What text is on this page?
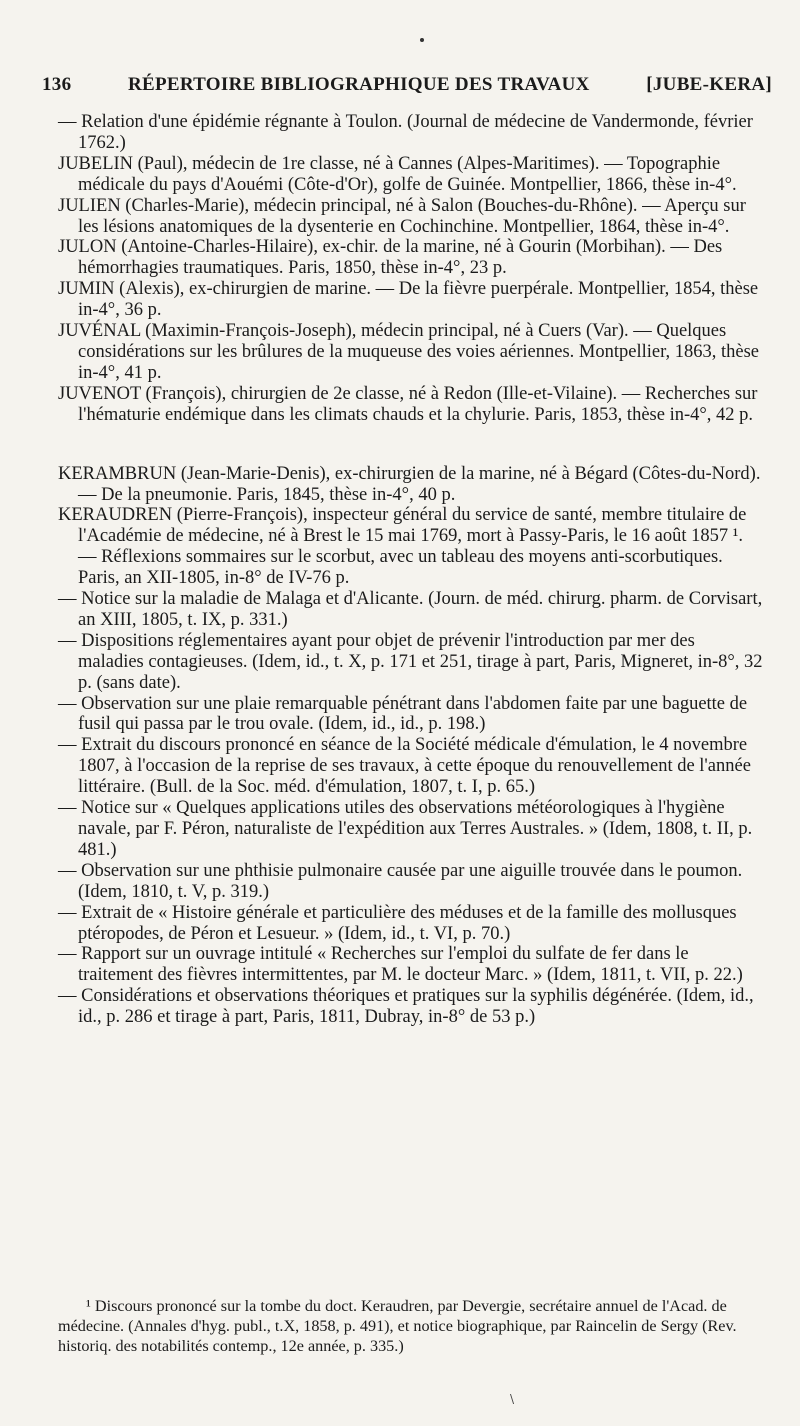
136	RÉPERTOIRE BIBLIOGRAPHIQUE DES TRAVAUX	[JUBE-KERA]

— Relation d'une épidémie régnante à Toulon. (Journal de médecine de Vandermonde, février 1762.)

JUBELIN (Paul), médecin de 1re classe, né à Cannes (Alpes-Maritimes). — Topographie médicale du pays d'Aouémi (Côte-d'Or), golfe de Guinée. Montpellier, 1866, thèse in-4°.

JULIEN (Charles-Marie), médecin principal, né à Salon (Bouches-du-Rhône). — Aperçu sur les lésions anatomiques de la dysenterie en Cochinchine. Montpellier, 1864, thèse in-4°.

JULON (Antoine-Charles-Hilaire), ex-chir. de la marine, né à Gourin (Morbihan). — Des hémorrhagies traumatiques. Paris, 1850, thèse in-4°, 23 p.

JUMIN (Alexis), ex-chirurgien de marine. — De la fièvre puerpérale. Montpellier, 1854, thèse in-4°, 36 p.

JUVÉNAL (Maximin-François-Joseph), médecin principal, né à Cuers (Var). — Quelques considérations sur les brûlures de la muqueuse des voies aériennes. Montpellier, 1863, thèse in-4°, 41 p.

JUVENOT (François), chirurgien de 2e classe, né à Redon (Ille-et-Vilaine). — Recherches sur l'hématurie endémique dans les climats chauds et la chylurie. Paris, 1853, thèse in-4°, 42 p.

KERAMBRUN (Jean-Marie-Denis), ex-chirurgien de la marine, né à Bégard (Côtes-du-Nord). — De la pneumonie. Paris, 1845, thèse in-4°, 40 p.

KERAUDREN (Pierre-François), inspecteur général du service de santé, membre titulaire de l'Académie de médecine, né à Brest le 15 mai 1769, mort à Passy-Paris, le 16 août 1857 ¹. — Réflexions sommaires sur le scorbut, avec un tableau des moyens anti-scorbutiques. Paris, an XII-1805, in-8° de IV-76 p.

— Notice sur la maladie de Malaga et d'Alicante. (Journ. de méd. chirurg. pharm. de Corvisart, an XIII, 1805, t. IX, p. 331.)

— Dispositions réglementaires ayant pour objet de prévenir l'introduction par mer des maladies contagieuses. (Idem, id., t. X, p. 171 et 251, tirage à part, Paris, Migneret, in-8°, 32 p. (sans date).

— Observation sur une plaie remarquable pénétrant dans l'abdomen faite par une baguette de fusil qui passa par le trou ovale. (Idem, id., id., p. 198.)

— Extrait du discours prononcé en séance de la Société médicale d'émulation, le 4 novembre 1807, à l'occasion de la reprise de ses travaux, à cette époque du renouvellement de l'année littéraire. (Bull. de la Soc. méd. d'émulation, 1807, t. I, p. 65.)

— Notice sur « Quelques applications utiles des observations météorologiques à l'hygiène navale, par F. Péron, naturaliste de l'expédition aux Terres Australes. » (Idem, 1808, t. II, p. 481.)

— Observation sur une phthisie pulmonaire causée par une aiguille trouvée dans le poumon. (Idem, 1810, t. V, p. 319.)

— Extrait de « Histoire générale et particulière des méduses et de la famille des mollusques ptéropodes, de Péron et Lesueur. » (Idem, id., t. VI, p. 70.)

— Rapport sur un ouvrage intitulé « Recherches sur l'emploi du sulfate de fer dans le traitement des fièvres intermittentes, par M. le docteur Marc. » (Idem, 1811, t. VII, p. 22.)

— Considérations et observations théoriques et pratiques sur la syphilis dégénérée. (Idem, id., id., p. 286 et tirage à part, Paris, 1811, Dubray, in-8° de 53 p.)

¹ Discours prononcé sur la tombe du doct. Keraudren, par Devergie, secrétaire annuel de l'Acad. de médecine. (Annales d'hyg. publ., t.X, 1858, p. 491), et notice biographique, par Raincelin de Sergy (Rev. historiq. des notabilités contemp., 12e année, p. 335.)

\
